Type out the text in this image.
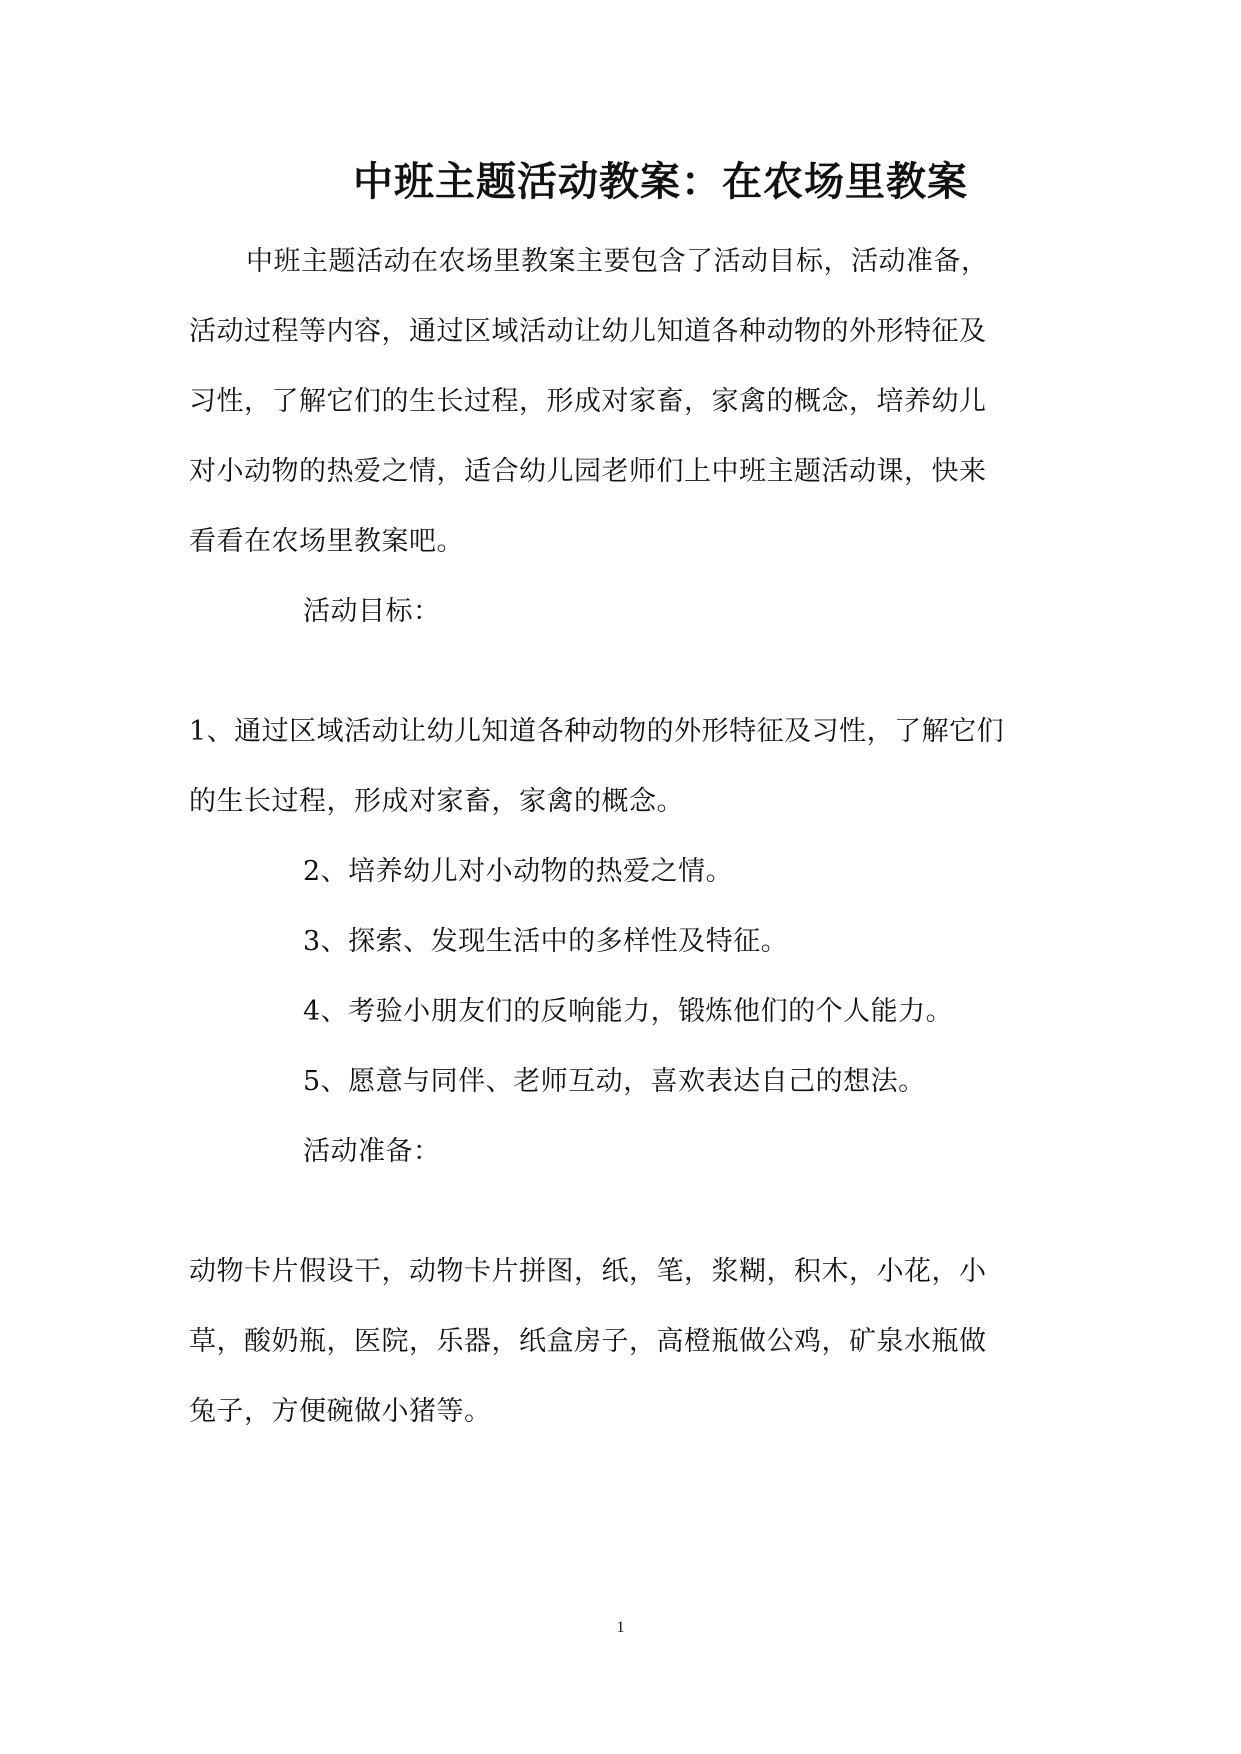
中班主题活动教案：在农场里教案
中班主题活动在农场里教案主要包含了活动目标，活动准备，
活动过程等内容，通过区域活动让幼儿知道各种动物的外形特征及
习性，了解它们的生长过程，形成对家畜，家禽的概念，培养幼儿
对小动物的热爱之情，适合幼儿园老师们上中班主题活动课，快来
看看在农场里教案吧。
活动目标：
1、通过区域活动让幼儿知道各种动物的外形特征及习性，了解它们
的生长过程，形成对家畜，家禽的概念。
2、培养幼儿对小动物的热爱之情。
3、探索、发现生活中的多样性及特征。
4、考验小朋友们的反响能力，锻炼他们的个人能力。
5、愿意与同伴、老师互动，喜欢表达自己的想法。
活动准备：
动物卡片假设干，动物卡片拼图，纸，笔，浆糊，积木，小花，小
草，酸奶瓶，医院，乐器，纸盒房子，高橙瓶做公鸡，矿泉水瓶做
兔子，方便碗做小猪等。
1
